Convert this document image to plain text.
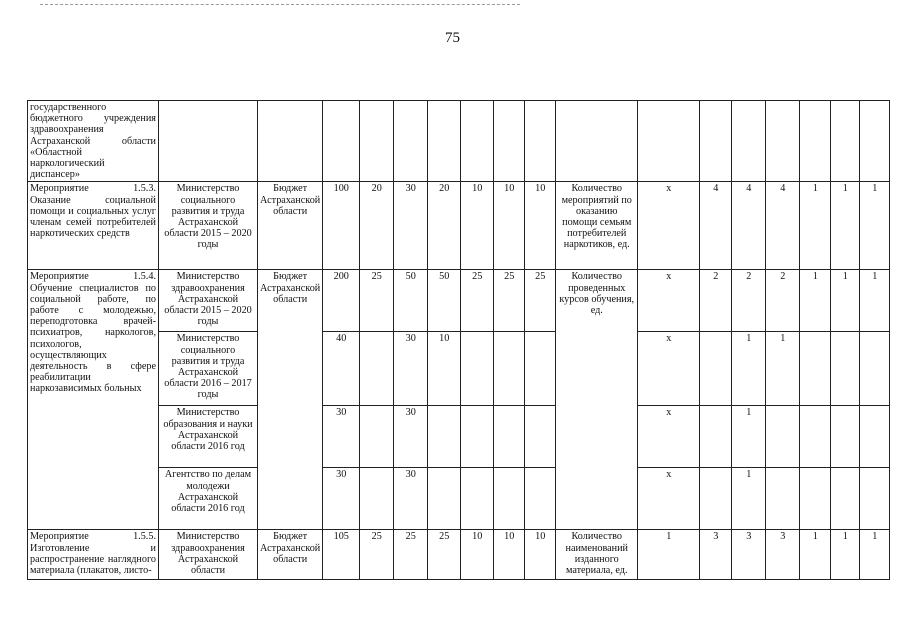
75
государственного бюджетного учреждения здравоохранения Астраханской области «Областной наркологический диспансер»																	
Мероприятие 1.5.3. Оказание социальной помощи и социальных услуг членам семей потребителей наркотических средств	Министерство социального развития и труда Астраханской области 2015 – 2020 годы	Бюджет Астраханской области	100	20	30	20	10	10	10	Количество мероприятий по оказанию помощи семьям потребителей наркотиков, ед.	х	4	4	4	1	1	1
Мероприятие 1.5.4. Обучение специалистов по социальной работе, по работе с молодежью, переподготовка врачей-психиатров, наркологов, психологов, осуществляющих деятельность в сфере реабилитации наркозависимых больных	Министерство здравоохранения Астраханской области 2015 – 2020 годы	Бюджет Астраханской области	200	25	50	50	25	25	25	Количество проведенных курсов обучения, ед.	х	2	2	2	1	1	1
	Министерство социального развития и труда Астраханской области 2016 – 2017 годы		40		30	10					х		1	1			
	Министерство образования и науки Астраханской области 2016 год		30		30						х		1				
	Агентство по делам молодежи Астраханской области 2016 год		30		30						х		1				
Мероприятие 1.5.5. Изготовление и распространение наглядного материала (плакатов, листо-	Министерство здравоохранения Астраханской области	Бюджет Астраханской области	105	25	25	25	10	10	10	Количество наименований изданного материала, ед.	1	3	3	3	1	1	1
